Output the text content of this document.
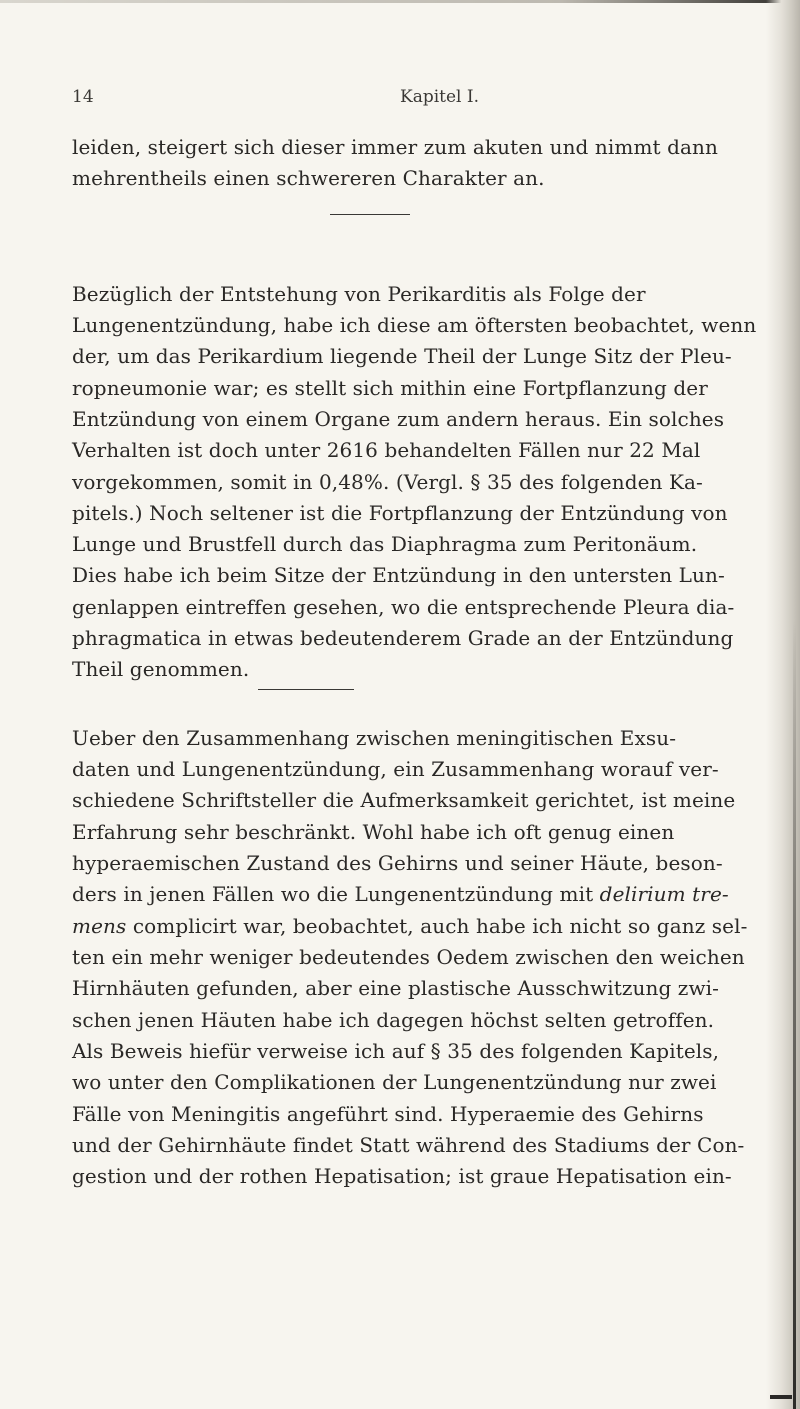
14	Kapitel I.
leiden, steigert sich dieser immer zum akuten und nimmt dann
mehrentheils einen schwereren Charakter an.
Bezüglich der Entstehung von Perikarditis als Folge der
Lungenentzündung, habe ich diese am öftersten beobachtet, wenn
der, um das Perikardium liegende Theil der Lunge Sitz der Pleu-
ropneumonie war; es stellt sich mithin eine Fortpflanzung der
Entzündung von einem Organe zum andern heraus. Ein solches
Verhalten ist doch unter 2616 behandelten Fällen nur 22 Mal
vorgekommen, somit in 0,48%. (Vergl. § 35 des folgenden Ka-
pitels.) Noch seltener ist die Fortpflanzung der Entzündung von
Lunge und Brustfell durch das Diaphragma zum Peritonäum.
Dies habe ich beim Sitze der Entzündung in den untersten Lun-
genlappen eintreffen gesehen, wo die entsprechende Pleura dia-
phragmatica in etwas bedeutenderem Grade an der Entzündung
Theil genommen.
Ueber den Zusammenhang zwischen meningitischen Exsu-
daten und Lungenentzündung, ein Zusammenhang worauf ver-
schiedene Schriftsteller die Aufmerksamkeit gerichtet, ist meine
Erfahrung sehr beschränkt. Wohl habe ich oft genug einen
hyperaemischen Zustand des Gehirns und seiner Häute, beson-
ders in jenen Fällen wo die Lungenentzündung mit delirium tre-
mens complicirt war, beobachtet, auch habe ich nicht so ganz sel-
ten ein mehr weniger bedeutendes Oedem zwischen den weichen
Hirnhäuten gefunden, aber eine plastische Ausschwitzung zwi-
schen jenen Häuten habe ich dagegen höchst selten getroffen.
Als Beweis hiefür verweise ich auf § 35 des folgenden Kapitels,
wo unter den Complikationen der Lungenentzündung nur zwei
Fälle von Meningitis angeführt sind. Hyperaemie des Gehirns
und der Gehirnhäute findet Statt während des Stadiums der Con-
gestion und der rothen Hepatisation; ist graue Hepatisation ein-
